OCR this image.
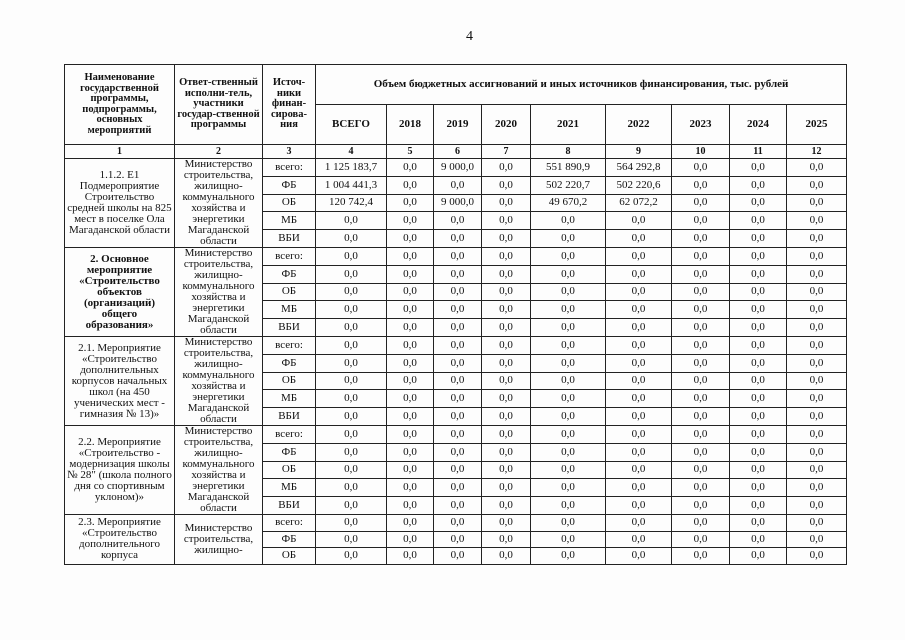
4
Наименование государственной программы, подпрограммы, основных мероприятий	Ответ-ственный исполни-тель, участники государ-ственной программы	Источ-ники финан-сирова-ния	Объем бюджетных ассигнований и иных источников финансирования, тыс. рублей								
			ВСЕГО	2018	2019	2020	2021	2022	2023	2024	2025
1	2	3	4	5	6	7	8	9	10	11	12
1.1.2. Е1 Подмероприятие Строительство средней школы на 825 мест в поселке Ола Магаданской области	Министерство строительства, жилищно-коммунального хозяйства и энергетики Магаданской области	всего:	1 125 183,7	0,0	9 000,0	0,0	551 890,9	564 292,8	0,0	0,0	0,0
		ФБ	1 004 441,3	0,0	0,0	0,0	502 220,7	502 220,6	0,0	0,0	0,0
		ОБ	120 742,4	0,0	9 000,0	0,0	49 670,2	62 072,2	0,0	0,0	0,0
		МБ	0,0	0,0	0,0	0,0	0,0	0,0	0,0	0,0	0,0
		ВБИ	0,0	0,0	0,0	0,0	0,0	0,0	0,0	0,0	0,0
2. Основное мероприятие «Строительство объектов (организаций) общего образования»	Министерство строительства, жилищно-коммунального хозяйства и энергетики Магаданской области	всего:	0,0	0,0	0,0	0,0	0,0	0,0	0,0	0,0	0,0
		ФБ	0,0	0,0	0,0	0,0	0,0	0,0	0,0	0,0	0,0
		ОБ	0,0	0,0	0,0	0,0	0,0	0,0	0,0	0,0	0,0
		МБ	0,0	0,0	0,0	0,0	0,0	0,0	0,0	0,0	0,0
		ВБИ	0,0	0,0	0,0	0,0	0,0	0,0	0,0	0,0	0,0
2.1. Мероприятие «Строительство дополнительных корпусов начальных школ (на 450 ученических мест - гимназия № 13)»	Министерство строительства, жилищно-коммунального хозяйства и энергетики Магаданской области	всего:	0,0	0,0	0,0	0,0	0,0	0,0	0,0	0,0	0,0
		ФБ	0,0	0,0	0,0	0,0	0,0	0,0	0,0	0,0	0,0
		ОБ	0,0	0,0	0,0	0,0	0,0	0,0	0,0	0,0	0,0
		МБ	0,0	0,0	0,0	0,0	0,0	0,0	0,0	0,0	0,0
		ВБИ	0,0	0,0	0,0	0,0	0,0	0,0	0,0	0,0	0,0
2.2. Мероприятие «Строительство - модернизация школы № 28" (школа полного дня со спортивным уклоном)»	Министерство строительства, жилищно-коммунального хозяйства и энергетики Магаданской области	всего:	0,0	0,0	0,0	0,0	0,0	0,0	0,0	0,0	0,0
		ФБ	0,0	0,0	0,0	0,0	0,0	0,0	0,0	0,0	0,0
		ОБ	0,0	0,0	0,0	0,0	0,0	0,0	0,0	0,0	0,0
		МБ	0,0	0,0	0,0	0,0	0,0	0,0	0,0	0,0	0,0
		ВБИ	0,0	0,0	0,0	0,0	0,0	0,0	0,0	0,0	0,0
2.3. Мероприятие «Строительство дополнительного корпуса	Министерство строительства, жилищно-	всего:	0,0	0,0	0,0	0,0	0,0	0,0	0,0	0,0	0,0
		ФБ	0,0	0,0	0,0	0,0	0,0	0,0	0,0	0,0	0,0
		ОБ	0,0	0,0	0,0	0,0	0,0	0,0	0,0	0,0	0,0
